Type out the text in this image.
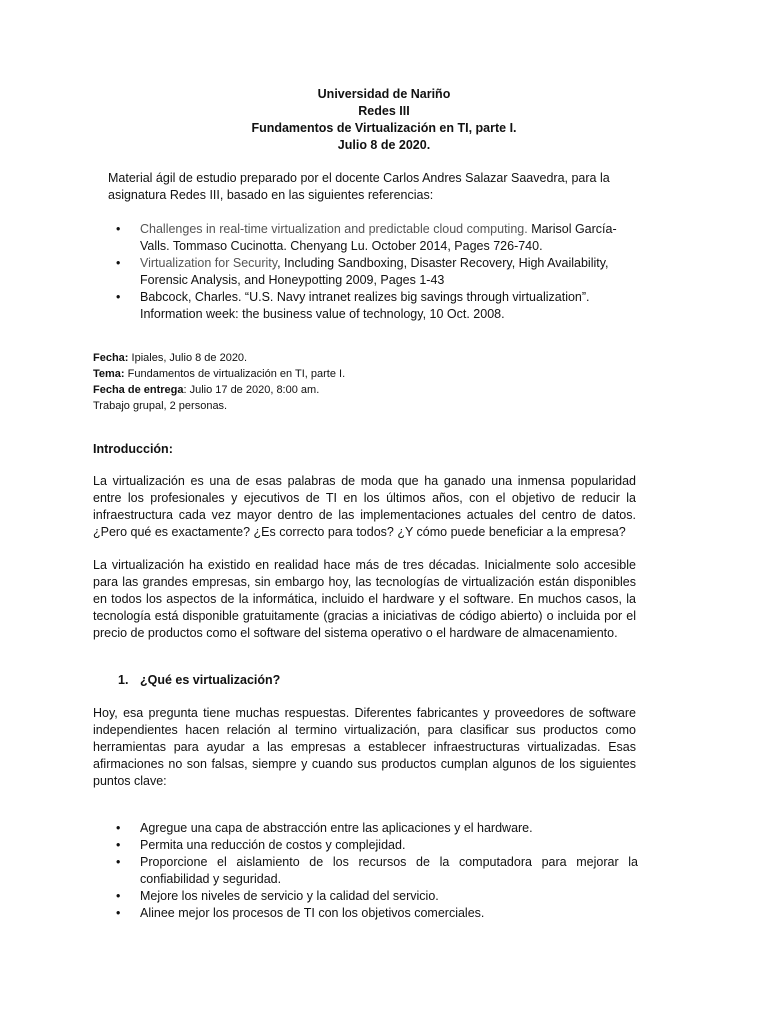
Universidad de Nariño
Redes III
Fundamentos de Virtualización en TI, parte I.
Julio 8 de 2020.
Material ágil de estudio preparado por el docente Carlos Andres Salazar Saavedra, para la asignatura Redes III, basado en las siguientes referencias:
•	Challenges in real-time virtualization and predictable cloud computing. Marisol García-Valls. Tommaso Cucinotta. Chenyang Lu. October 2014, Pages 726-740.
•	Virtualization for Security, Including Sandboxing, Disaster Recovery, High Availability, Forensic Analysis, and Honeypotting 2009, Pages 1-43
•	Babcock, Charles. “U.S. Navy intranet realizes big savings through virtualization”. Information week: the business value of technology, 10 Oct. 2008.
Fecha: Ipiales, Julio 8 de 2020.
Tema: Fundamentos de virtualización en TI, parte I.
Fecha de entrega: Julio 17 de 2020, 8:00 am.
Trabajo grupal, 2 personas.
Introducción:

La virtualización es una de esas palabras de moda que ha ganado una inmensa popularidad entre los profesionales y ejecutivos de TI en los últimos años, con el objetivo de reducir la infraestructura cada vez mayor dentro de las implementaciones actuales del centro de datos. ¿Pero qué es exactamente? ¿Es correcto para todos? ¿Y cómo puede beneficiar a la empresa?

La virtualización ha existido en realidad hace más de tres décadas. Inicialmente solo accesible para las grandes empresas, sin embargo hoy, las tecnologías de virtualización están disponibles en todos los aspectos de la informática, incluido el hardware y el software. En muchos casos, la tecnología está disponible gratuitamente (gracias a iniciativas de código abierto) o incluida por el precio de productos como el software del sistema operativo o el hardware de almacenamiento.

1. ¿Qué es virtualización?

Hoy, esa pregunta tiene muchas respuestas. Diferentes fabricantes y proveedores de software independientes hacen relación al termino virtualización, para clasificar sus productos como herramientas para ayudar a las empresas a establecer infraestructuras virtualizadas. Esas afirmaciones no son falsas, siempre y cuando sus productos cumplan algunos de los siguientes puntos clave:

•	Agregue una capa de abstracción entre las aplicaciones y el hardware.
•	Permita una reducción de costos y complejidad.
•	Proporcione el aislamiento de los recursos de la computadora para mejorar la confiabilidad y seguridad.
•	Mejore los niveles de servicio y la calidad del servicio.
•	Alinee mejor los procesos de TI con los objetivos comerciales.
